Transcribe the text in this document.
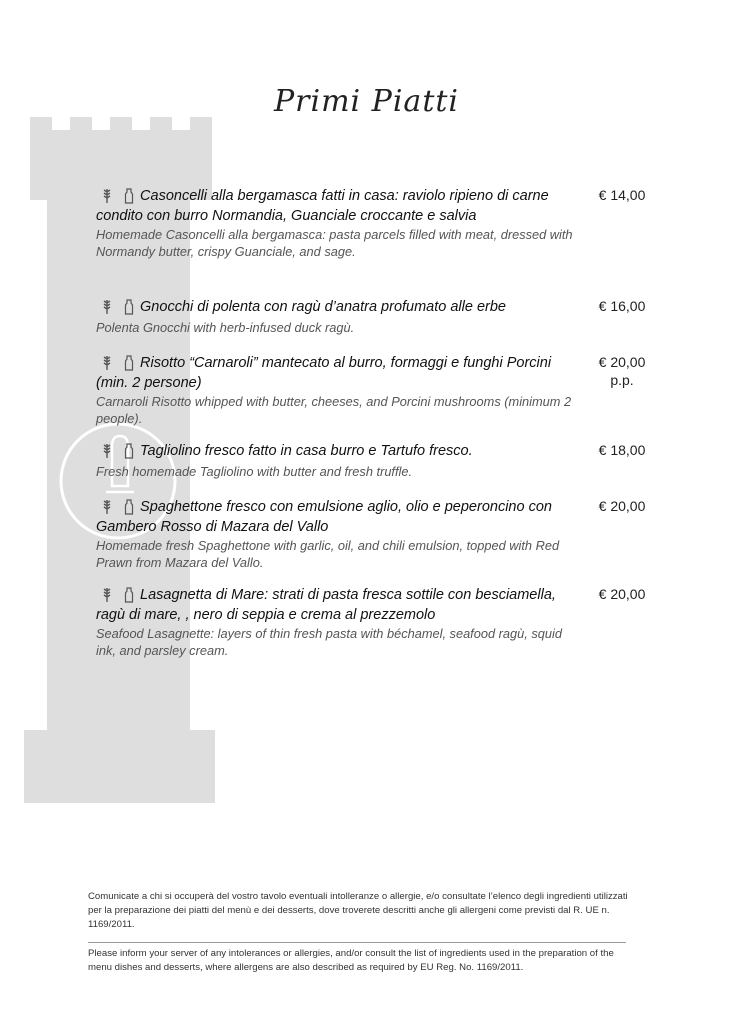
Primi Piatti
Casoncelli alla bergamasca fatti in casa: raviolo ripieno di carne condito con burro Normandia, Guanciale croccante e salvia
Homemade Casoncelli alla bergamasca: pasta parcels filled with meat, dressed with Normandy butter, crispy Guanciale, and sage.
€ 14,00
Gnocchi di polenta con ragù d’anatra profumato alle erbe
Polenta Gnocchi with herb-infused duck ragù.
€ 16,00
Risotto “Carnaroli” mantecato al burro, formaggi e funghi Porcini (min. 2 persone)
Carnaroli Risotto whipped with butter, cheeses, and Porcini mushrooms (minimum 2 people).
€ 20,00
p.p.
Tagliolino fresco fatto in casa burro e Tartufo fresco.
Fresh homemade Tagliolino with butter and fresh truffle.
€ 18,00
Spaghettone fresco con emulsione aglio, olio e peperoncino con Gambero Rosso di Mazara del Vallo
Homemade fresh Spaghettone with garlic, oil, and chili emulsion, topped with Red Prawn from Mazara del Vallo.
€ 20,00
Lasagnetta di Mare: strati di pasta fresca sottile con besciamella, ragù di mare, , nero di seppia e crema al prezzemolo
Seafood Lasagnette: layers of thin fresh pasta with béchamel, seafood ragù, squid ink, and parsley cream.
€ 20,00
Comunicate a chi si occuperà del vostro tavolo eventuali intolleranze o allergie, e/o consultate l’elenco degli ingredienti utilizzati per la preparazione dei piatti del menù e dei desserts, dove troverete descritti anche gli allergeni come previsti dal R. UE n. 1169/2011.
Please inform your server of any intolerances or allergies, and/or consult the list of ingredients used in the preparation of the menu dishes and desserts, where allergens are also described as required by EU Reg. No. 1169/2011.
